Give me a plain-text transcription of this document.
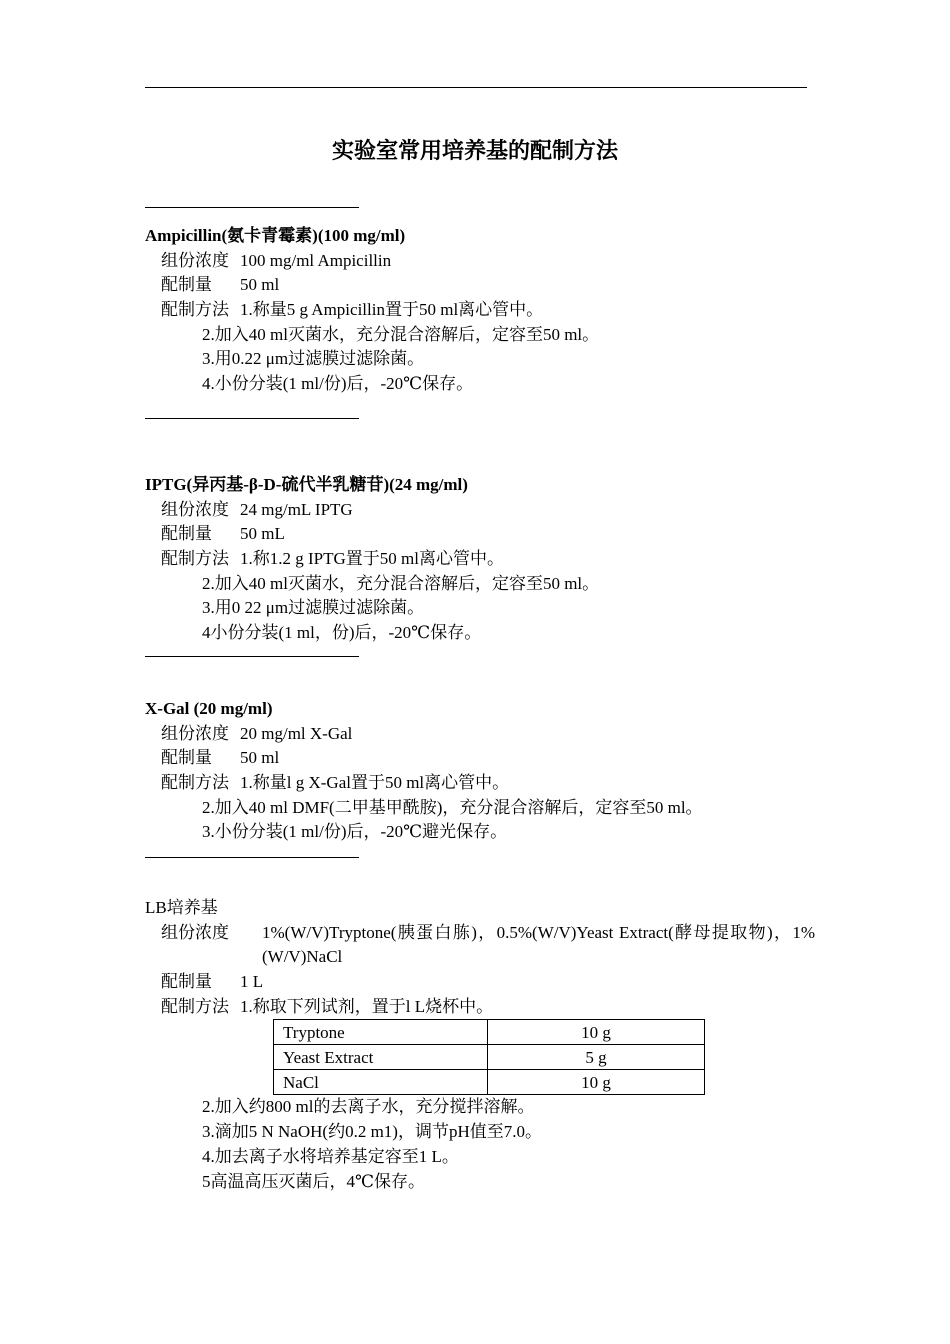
实验室常用培养基的配制方法
Ampicillin(氨卡青霉素)(100 mg/ml)
组份浓度 100 mg/ml Ampicillin
配制量 50 ml
配制方法 1.称量5 g Ampicillin置于50 ml离心管中。
2.加入40 ml灭菌水，充分混合溶解后，定容至50 ml。
3.用0.22 μm过滤膜过滤除菌。
4.小份分装(1 ml/份)后，-20℃保存。
IPTG(异丙基-β-D-硫代半乳糖苷)(24 mg/ml)
组份浓度 24 mg/mL IPTG
配制量 50 mL
配制方法 1.称1.2 g IPTG置于50 ml离心管中。
2.加入40 ml灭菌水，充分混合溶解后，定容至50 ml。
3.用0 22 μm过滤膜过滤除菌。
4小份分装(1 ml，份)后，-20℃保存。
X-Gal (20 mg/ml)
组份浓度 20 mg/ml X-Gal
配制量 50 ml
配制方法 1.称量l g X-Gal置于50 ml离心管中。
2.加入40 ml DMF(二甲基甲酰胺)，充分混合溶解后，定容至50 ml。
3.小份分装(1 ml/份)后，-20℃避光保存。
LB培养基
组份浓度	1%(W/V)Tryptone(胰蛋白胨)，0.5%(W/V)Yeast Extract(酵母提取物)，1%(W/V)NaCl
配制量 1 L
配制方法 1.称取下列试剂，置于l L烧杯中。
Tryptone	10 g
Yeast Extract	5 g
NaCl	10 g
2.加入约800 ml的去离子水，充分搅拌溶解。
3.滴加5 N NaOH(约0.2 m1)，调节pH值至7.0。
4.加去离子水将培养基定容至1 L。
5高温高压灭菌后，4℃保存。
